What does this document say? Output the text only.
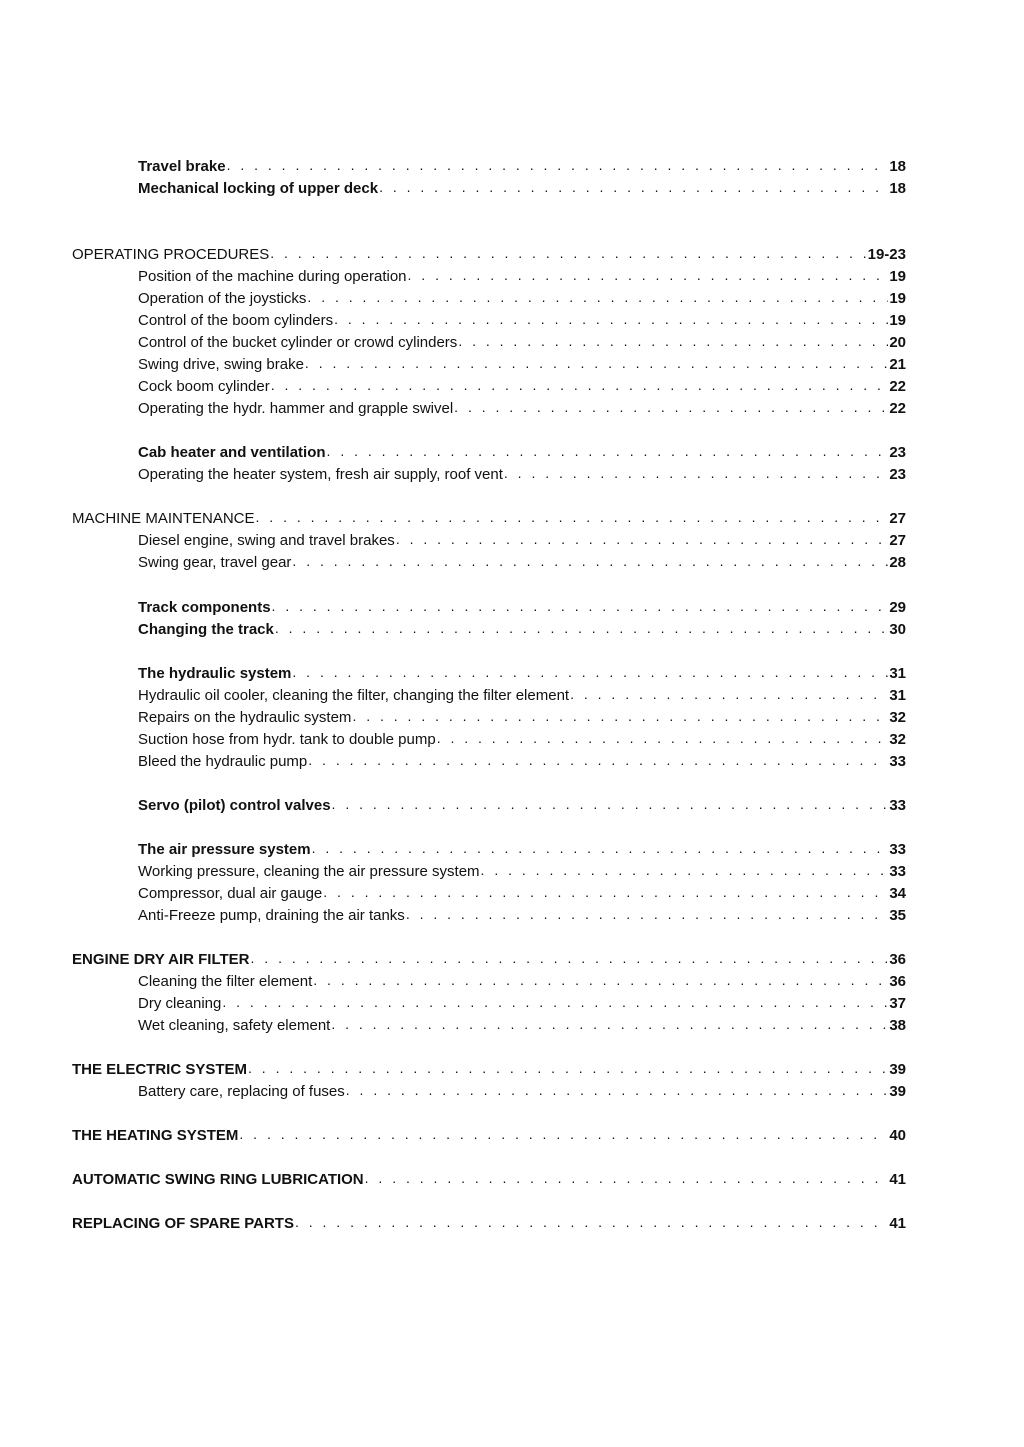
Travel brake . . .	18
Mechanical locking of upper deck . . .	18
OPERATING PROCEDURES . . .	19-23
Position of the machine during operation . . .	19
Operation of the joysticks . . .	19
Control of the boom cylinders . . .	19
Control of the bucket cylinder or crowd cylinders . . .	20
Swing drive, swing brake . . .	21
Cock boom cylinder . . .	22
Operating the hydr. hammer and grapple swivel . . .	22
Cab heater and ventilation . . .	23
Operating the heater system, fresh air supply, roof vent . . .	23
MACHINE MAINTENANCE . . .	27
Diesel engine, swing and travel brakes . . .	27
Swing gear, travel gear . . .	28
Track components . . .	29
Changing the track . . .	30
The hydraulic system . . .	31
Hydraulic oil cooler, cleaning the filter, changing the filter element . . .	31
Repairs on the hydraulic system . . .	32
Suction hose from hydr. tank to double pump . . .	32
Bleed the hydraulic pump . . .	33
Servo (pilot) control valves . . .	33
The air pressure system . . .	33
Working pressure, cleaning the air pressure system . . .	33
Compressor, dual air gauge . . .	34
Anti-Freeze pump, draining the air tanks . . .	35
ENGINE DRY AIR FILTER . . .	36
Cleaning the filter element . . .	36
Dry cleaning . . .	37
Wet cleaning, safety element . . .	38
THE ELECTRIC SYSTEM . . .	39
Battery care, replacing of fuses . . .	39
THE HEATING SYSTEM . . .	40
AUTOMATIC SWING RING LUBRICATION . . .	41
REPLACING OF SPARE PARTS . . .	41
